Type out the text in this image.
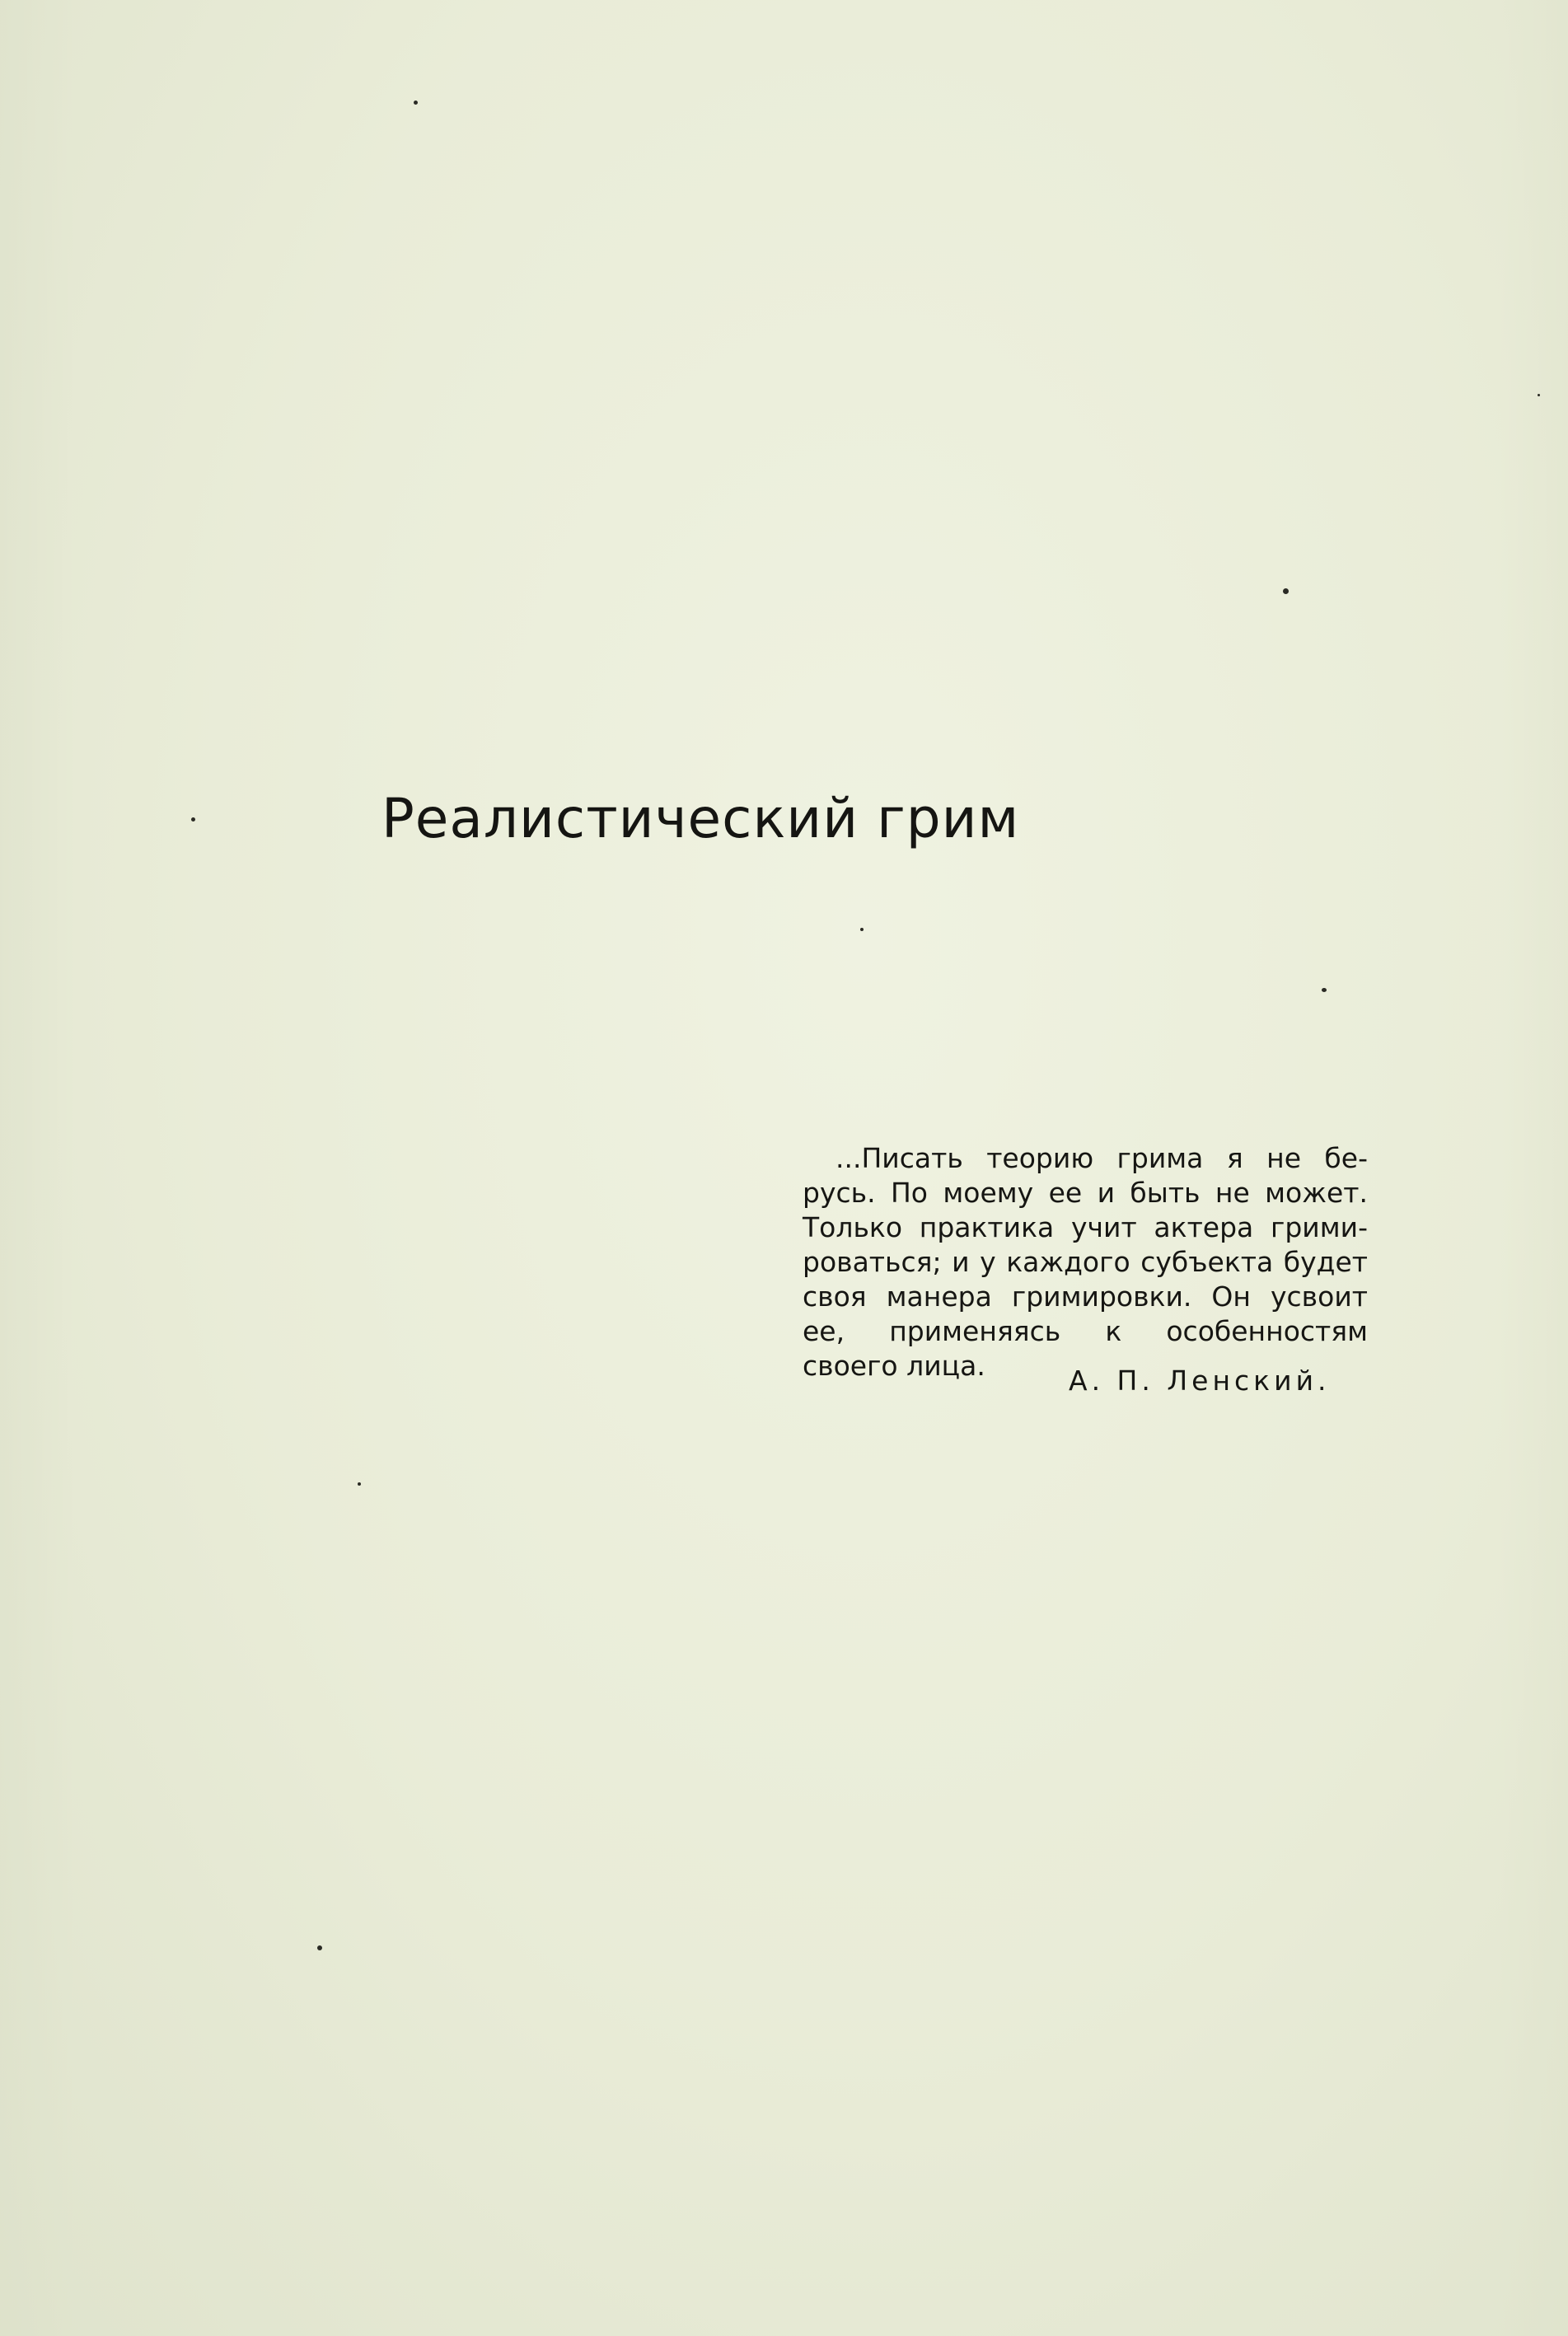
Реалистический грим
...Писать теорию грима я не бе-
русь. По моему ее и быть не может.
Только практика учит актера грими-
роваться; и у каждого субъекта будет
своя манера гримировки. Он усвоит
ее, применяясь к особенностям
своего лица.	А. П. Ленский.
